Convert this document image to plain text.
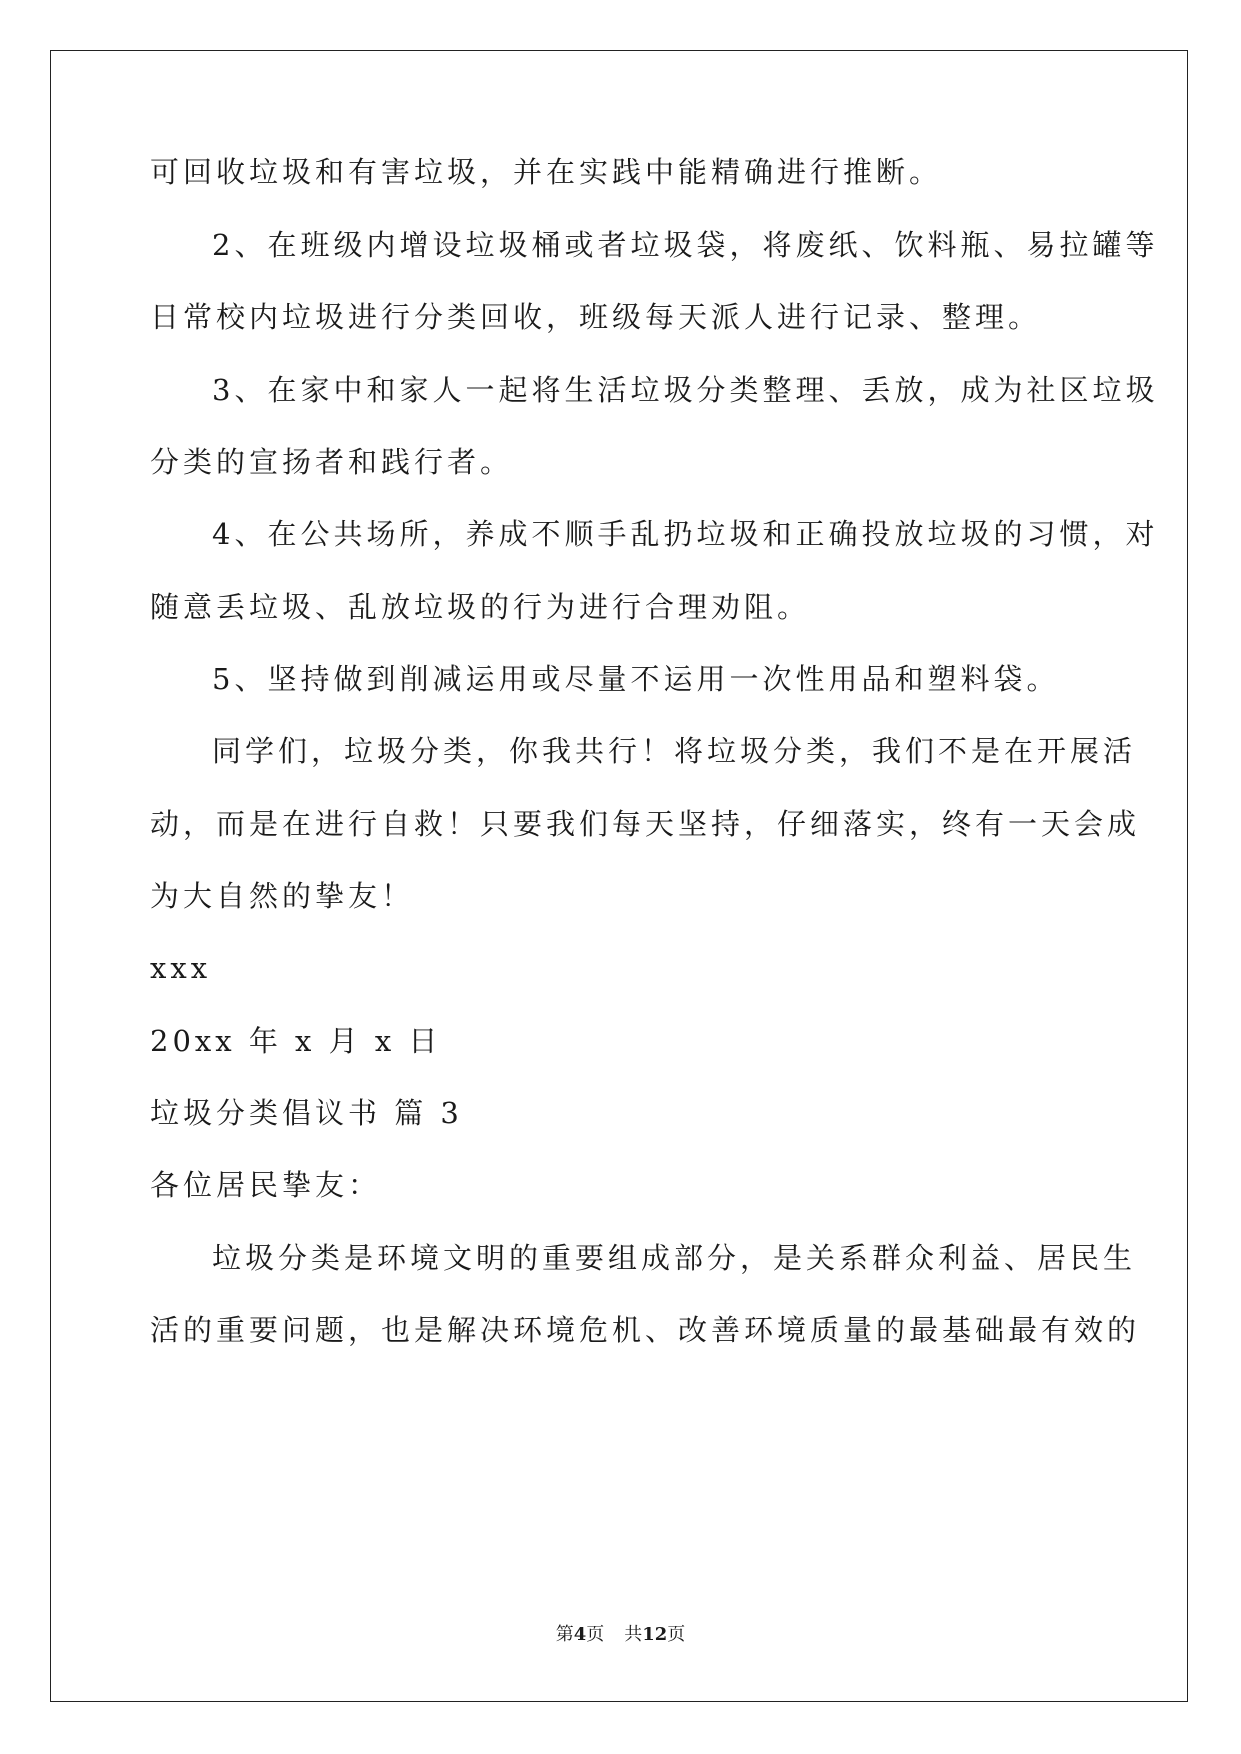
可回收垃圾和有害垃圾，并在实践中能精确进行推断。
2、在班级内增设垃圾桶或者垃圾袋，将废纸、饮料瓶、易拉罐等
日常校内垃圾进行分类回收，班级每天派人进行记录、整理。
3、在家中和家人一起将生活垃圾分类整理、丢放，成为社区垃圾
分类的宣扬者和践行者。
4、在公共场所，养成不顺手乱扔垃圾和正确投放垃圾的习惯，对
随意丢垃圾、乱放垃圾的行为进行合理劝阻。
5、坚持做到削减运用或尽量不运用一次性用品和塑料袋。
同学们，垃圾分类，你我共行！将垃圾分类，我们不是在开展活
动，而是在进行自救！只要我们每天坚持，仔细落实，终有一天会成
为大自然的挚友！
xxx
20xx 年 x 月 x 日
垃圾分类倡议书 篇 3
各位居民挚友：
垃圾分类是环境文明的重要组成部分，是关系群众利益、居民生
活的重要问题，也是解决环境危机、改善环境质量的最基础最有效的
第4页 共12页
